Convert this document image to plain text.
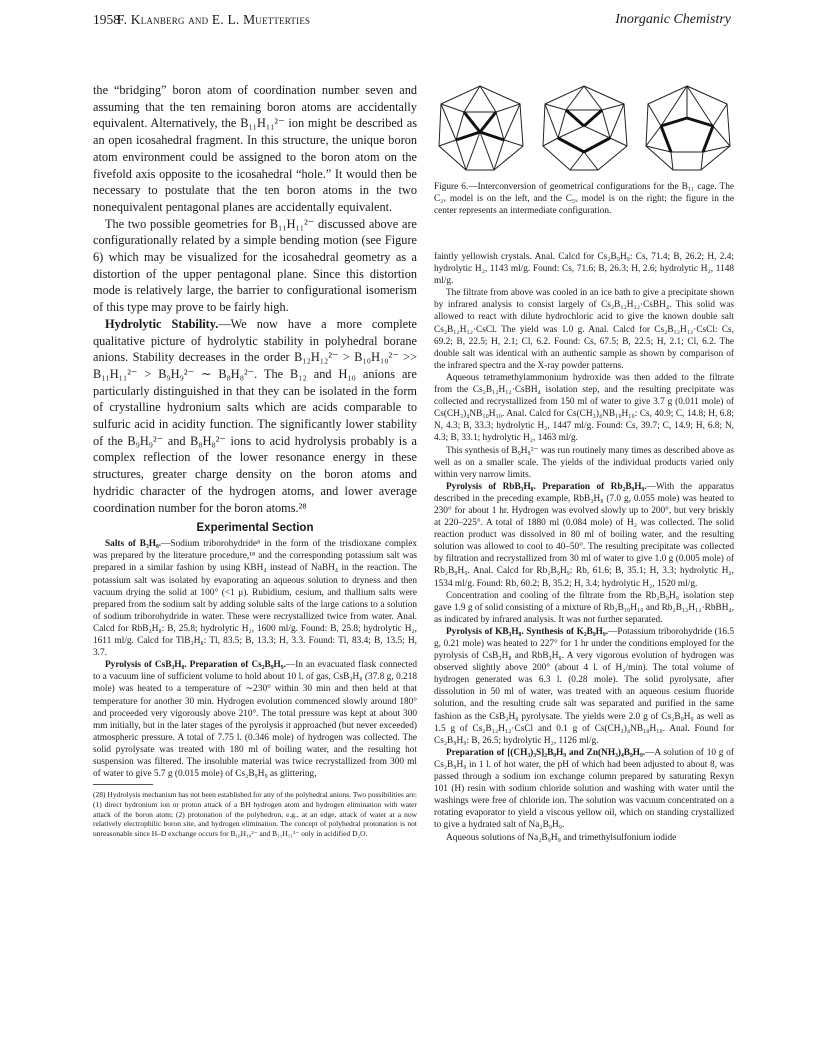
1958
F. Klanberg and E. L. Muetterties	Inorganic Chemistry

the “bridging” boron atom of coordination number seven and assuming that the ten remaining boron atoms are accidentally equivalent. Alternatively, the B₁₁H₁₁²⁻ ion might be described as an open icosahedral fragment. In this structure, the unique boron atom environment could be assigned to the boron atom on the fivefold axis opposite to the icosahedral “hole.” It would then be necessary to postulate that the ten boron atoms in the two nonequivalent pentagonal planes are accidentally equivalent.

The two possible geometries for B₁₁H₁₁²⁻ discussed above are configurationally related by a simple bending motion (see Figure 6) which may be visualized for the icosahedral geometry as a distortion of the upper pentagonal plane. Since this distortion mode is relatively large, the barrier to configurational isomerism of this type may prove to be fairly high.

Hydrolytic Stability.—We now have a more complete qualitative picture of hydrolytic stability in polyhedral borane anions. Stability decreases in the order B₁₂H₁₂²⁻ > B₁₀H₁₀²⁻ >> B₁₁H₁₁²⁻ > B₉H₉²⁻ ∼ B₈H₈²⁻. The B₁₂ and H₁₀ anions are particularly distinguished in that they can be isolated in the form of crystalline hydronium salts which are acids comparable to sulfuric acid in acidity function. The significantly lower stability of the B₉H₉²⁻ and B₈H₈²⁻ ions to acid hydrolysis probably is a complex reflection of the lower resonance energy in these structures, greater charge density on the boron atoms and hydridic character of the hydrogen atoms, and lower average coordination number for the boron atoms.²⁸

Experimental Section

Salts of B₃H₈.—Sodium triborohydride⁸ in the form of the trisdioxane complex was prepared by the literature procedure,¹⁸ and the corresponding potassium salt was prepared in a similar fashion by using KBH₄ instead of NaBH₄ in the reaction. The potassium salt was isolated by evaporating an aqueous solution to dryness and then vacuum drying the solid at 100° (<1 μ). Rubidium, cesium, and thallium salts were prepared from the sodium salt by adding soluble salts of the large cations to a solution of sodium triborohydride in water. These were recrystallized twice from water. Anal. Calcd for RbB₃H₈: B, 25.8; hydrolytic H₂, 1600 ml/g. Found: B, 25.8; hydrolytic H₂, 1611 ml/g. Calcd for TlB₃H₈: Tl, 83.5; B, 13.3; H, 3.3. Found: Tl, 83.4; B, 13.5; H, 3.7.

Pyrolysis of CsB₃H₈. Preparation of Cs₂B₉H₉.—In an evacuated flask connected to a vacuum line of sufficient volume to hold about 10 l. of gas, CsB₃H₈ (37.8 g, 0.218 mole) was heated to a temperature of ∼230° within 30 min and then held at that temperature for another 30 min. Hydrogen evolution commenced slowly around 180° and proceeded very vigorously above 210°. The total pressure was kept at about 300 mm initially, but in the later stages of the pyrolysis it approached (but never exceeded) atmospheric pressure. A total of 7.75 l. (0.346 mole) of hydrogen was collected. The solid pyrolysate was treated with 180 ml of boiling water, and the resulting hot suspension was filtered. The insoluble material was twice recrystallized from 300 ml of water to give 5.7 g (0.015 mole) of Cs₂B₉H₉ as glittering,

(28) Hydrolysis mechanism has not been established for any of the polyhedral anions. Two possibilities are: (1) direct hydronium ion or proton attack of a BH hydrogen atom and hydrogen elimination with water attack of the boron atom; (2) protonation of the polyhedron, e.g., at an edge, attack of water at a now relatively electrophilic boron site, and hydrogen elimination. The concept of polyhedral protonation is not unreasonable since H–D exchange occurs for B₁₀H₁₀²⁻ and B₁₁H₁₁²⁻ only in acidified D₂O.
Figure 6.—Interconversion of geometrical configurations for the B₁₁ cage. The C₂ᵥ model is on the left, and the C₅ᵥ model is on the right; the figure in the center represents an intermediate configuration.

faintly yellowish crystals. Anal. Calcd for Cs₂B₉H₉: Cs, 71.4; B, 26.2; H, 2.4; hydrolytic H₂, 1143 ml/g. Found: Cs, 71.6; B, 26.3; H, 2.6; hydrolytic H₂, 1148 ml/g.

The filtrate from above was cooled in an ice bath to give a precipitate shown by infrared analysis to consist largely of Cs₂B₁₂H₁₂·CsBH₄. This solid was allowed to react with dilute hydrochloric acid to give the known double salt Cs₂B₁₂H₁₂·CsCl. The yield was 1.0 g. Anal. Calcd for Cs₂B₁₂H₁₂·CsCl: Cs, 69.2; B, 22.5; H, 2.1; Cl, 6.2. Found: Cs, 67.5; B, 22.5; H, 2.1; Cl, 6.2. The double salt was identical with an authentic sample as shown by comparison of the infrared spectra and the X-ray powder patterns.

Aqueous tetramethylammonium hydroxide was then added to the filtrate from the Cs₂B₁₂H₁₂·CsBH₄ isolation step, and the resulting precipitate was collected and recrystallized from 150 ml of water to give 3.7 g (0.011 mole) of Cs(CH₃)₄NB₁₀H₁₀. Anal. Calcd for Cs(CH₃)₄NB₁₀H₁₀: Cs, 40.9; C, 14.8; H, 6.8; N, 4.3; B, 33.3; hydrolytic H₂, 1447 ml/g. Found: Cs, 39.7; C, 14.9; H, 6.8; N, 4.3; B, 33.1; hydrolytic H₂, 1463 ml/g.

This synthesis of B₉H₉²⁻ was run routinely many times as described above as well as on a smaller scale. The yields of the individual products varied only within very narrow limits.

Pyrolysis of RbB₃H₈. Preparation of Rb₂B₉H₉.—With the apparatus described in the preceding example, RbB₃H₈ (7.0 g, 0.055 mole) was heated to 230° for about 1 hr. Hydrogen was evolved slowly up to 200°, but very briskly at 220–225°. A total of 1880 ml (0.084 mole) of H₂ was collected. The solid reaction product was dissolved in 80 ml of boiling water, and the resulting solution was allowed to cool to 40–50°. The resulting precipitate was collected by filtration and recrystallized from 30 ml of water to give 1.0 g (0.005 mole) of Rb₂B₉H₉. Anal. Calcd for Rb₂B₉H₉: Rb, 61.6; B, 35.1; H, 3.3; hydrolytic H₂, 1534 ml/g. Found: Rb, 60.2; B, 35.2; H, 3.4; hydrolytic H₂, 1520 ml/g.

Concentration and cooling of the filtrate from the Rb₂B₉H₉ isolation step gave 1.9 g of solid consisting of a mixture of Rb₂B₁₀H₁₀ and Rb₂B₁₂H₁₂·RbBH₄, as indicated by infrared analysis. It was not further separated.

Pyrolysis of KB₃H₈. Synthesis of K₂B₉H₉.—Potassium triborohydride (16.5 g, 0.21 mole) was heated to 227° for 1 hr under the conditions employed for the pyrolysis of CsB₃H₈ and RbB₃H₈. A very vigorous evolution of hydrogen was observed slightly above 200° (about 4 l. of H₂/min). The total volume of hydrogen generated was 6.3 l. (0.28 mole). The solid pyrolysate, after dissolution in 50 ml of water, was treated with an aqueous cesium fluoride solution, and the resulting crude salt was separated and purified in the same fashion as the CsB₃H₈ pyrolysate. The yields were 2.0 g of Cs₂B₉H₉ as well as 1.5 g of Cs₂B₁₂H₁₂·CsCl and 0.1 g of Cs(CH₃)₄NB₁₀H₁₀. Anal. Found for Cs₂B₉H₉: B, 26.5; hydrolytic H₂, 1126 ml/g.

Preparation of [(CH₃)₃S]₂B₉H₉ and Zn(NH₃)₄B₉H₉.—A solution of 10 g of Cs₂B₉H₉ in 1 l. of hot water, the pH of which had been adjusted to about 8, was passed through a sodium ion exchange column prepared by saturating Rexyn 101 (H) resin with sodium chloride solution and washing with water until the washings were free of chloride ion. The solution was vacuum concentrated on a rotating evaporator to yield a viscous yellow oil, which on standing crystallized to give a hydrated salt of Na₂B₉H₉.

Aqueous solutions of Na₂B₉H₉ and trimethylsulfonium iodide
